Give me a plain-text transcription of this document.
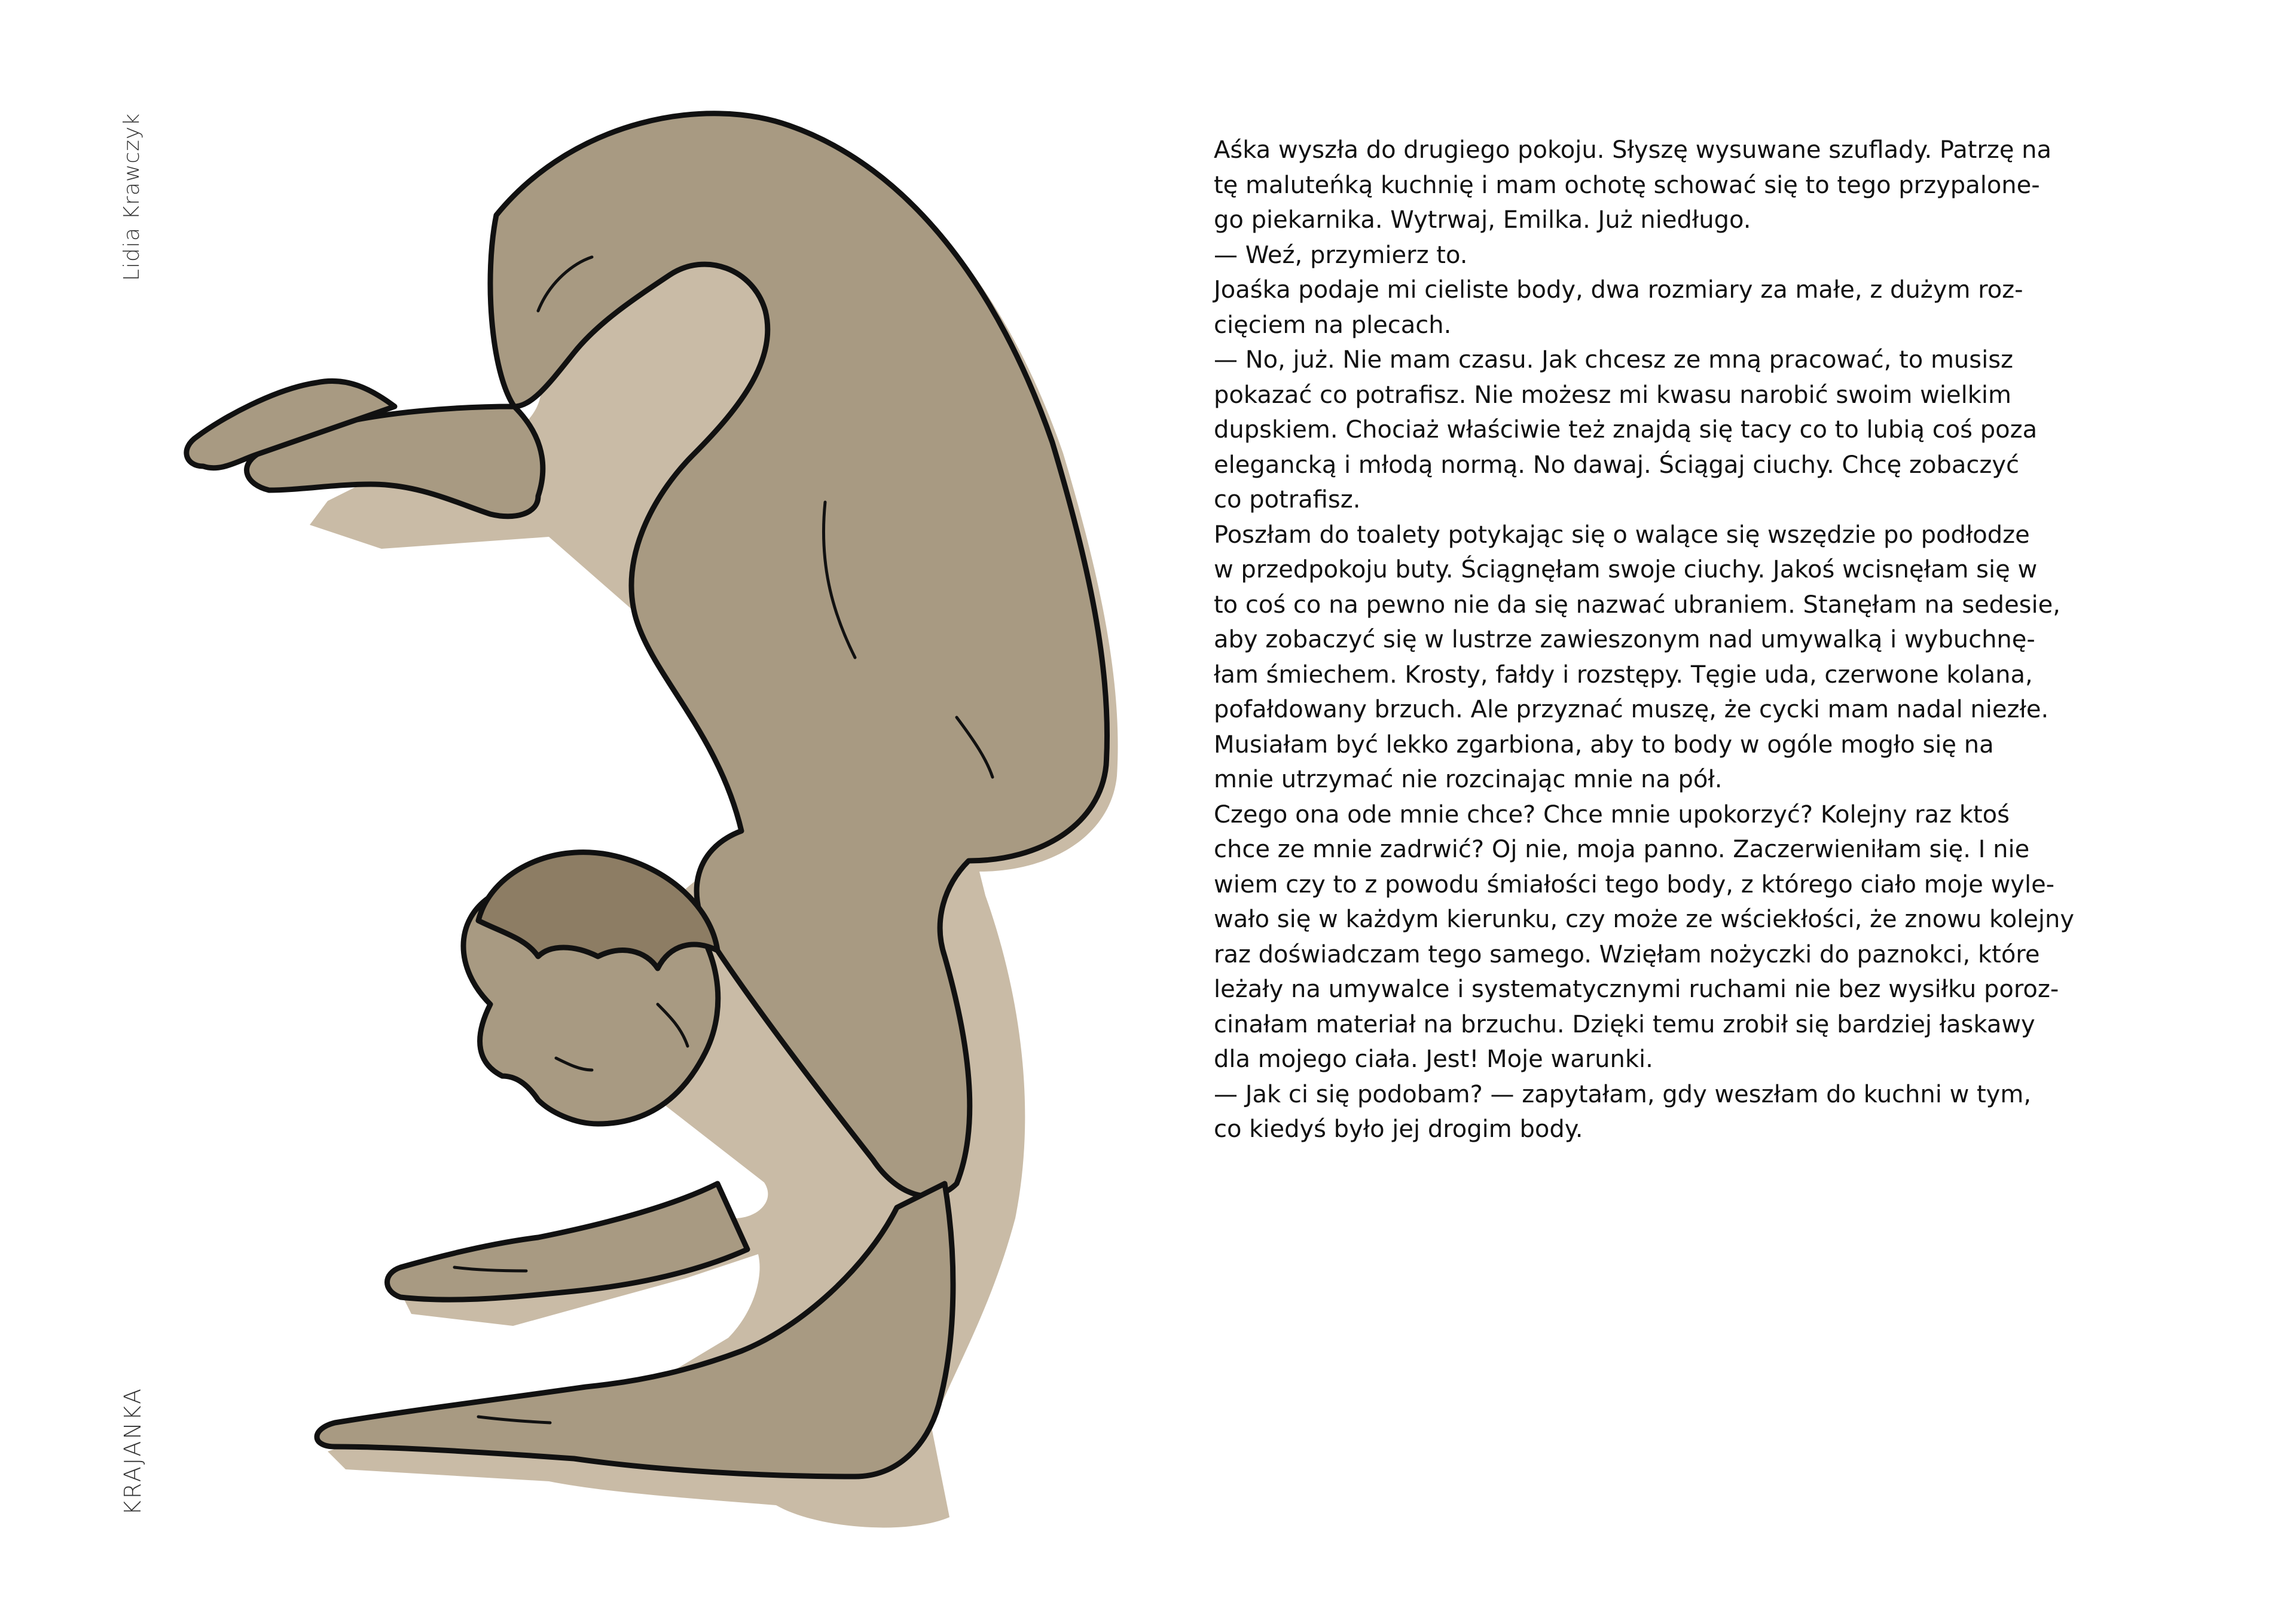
Lidia Krawczyk
KRAJANKA

Aśka wyszła do drugiego pokoju. Słyszę wysuwane szuflady. Patrzę na

tę maluteńką kuchnię i mam ochotę schować się to tego przypalone-

go piekarnika. Wytrwaj, Emilka. Już niedługo.

— Weź, przymierz to.

Joaśka podaje mi cieliste body, dwa rozmiary za małe, z dużym roz-

cięciem na plecach.

— No, już. Nie mam czasu. Jak chcesz ze mną pracować, to musisz

pokazać co potrafisz. Nie możesz mi kwasu narobić swoim wielkim

dupskiem. Chociaż właściwie też znajdą się tacy co to lubią coś poza

elegancką i młodą normą. No dawaj. Ściągaj ciuchy. Chcę zobaczyć

co potrafisz.

Poszłam do toalety potykając się o walące się wszędzie po podłodze

w przedpokoju buty. Ściągnęłam swoje ciuchy. Jakoś wcisnęłam się w

to coś co na pewno nie da się nazwać ubraniem. Stanęłam na sedesie,

aby zobaczyć się w lustrze zawieszonym nad umywalką i wybuchnę-

łam śmiechem. Krosty, fałdy i rozstępy. Tęgie uda, czerwone kolana,

pofałdowany brzuch. Ale przyznać muszę, że cycki mam nadal niezłe.

Musiałam być lekko zgarbiona, aby to body w ogóle mogło się na

mnie utrzymać nie rozcinając mnie na pół.

Czego ona ode mnie chce? Chce mnie upokorzyć? Kolejny raz ktoś

chce ze mnie zadrwić? Oj nie, moja panno. Zaczerwieniłam się. I nie

wiem czy to z powodu śmiałości tego body, z którego ciało moje wyle-

wało się w każdym kierunku, czy może ze wściekłości, że znowu kolejny

raz doświadczam tego samego. Wzięłam nożyczki do paznokci, które

leżały na umywalce i systematycznymi ruchami nie bez wysiłku poroz-

cinałam materiał na brzuchu. Dzięki temu zrobił się bardziej łaskawy

dla mojego ciała. Jest! Moje warunki.

— Jak ci się podobam? — zapytałam, gdy weszłam do kuchni w tym,

co kiedyś było jej drogim body.
